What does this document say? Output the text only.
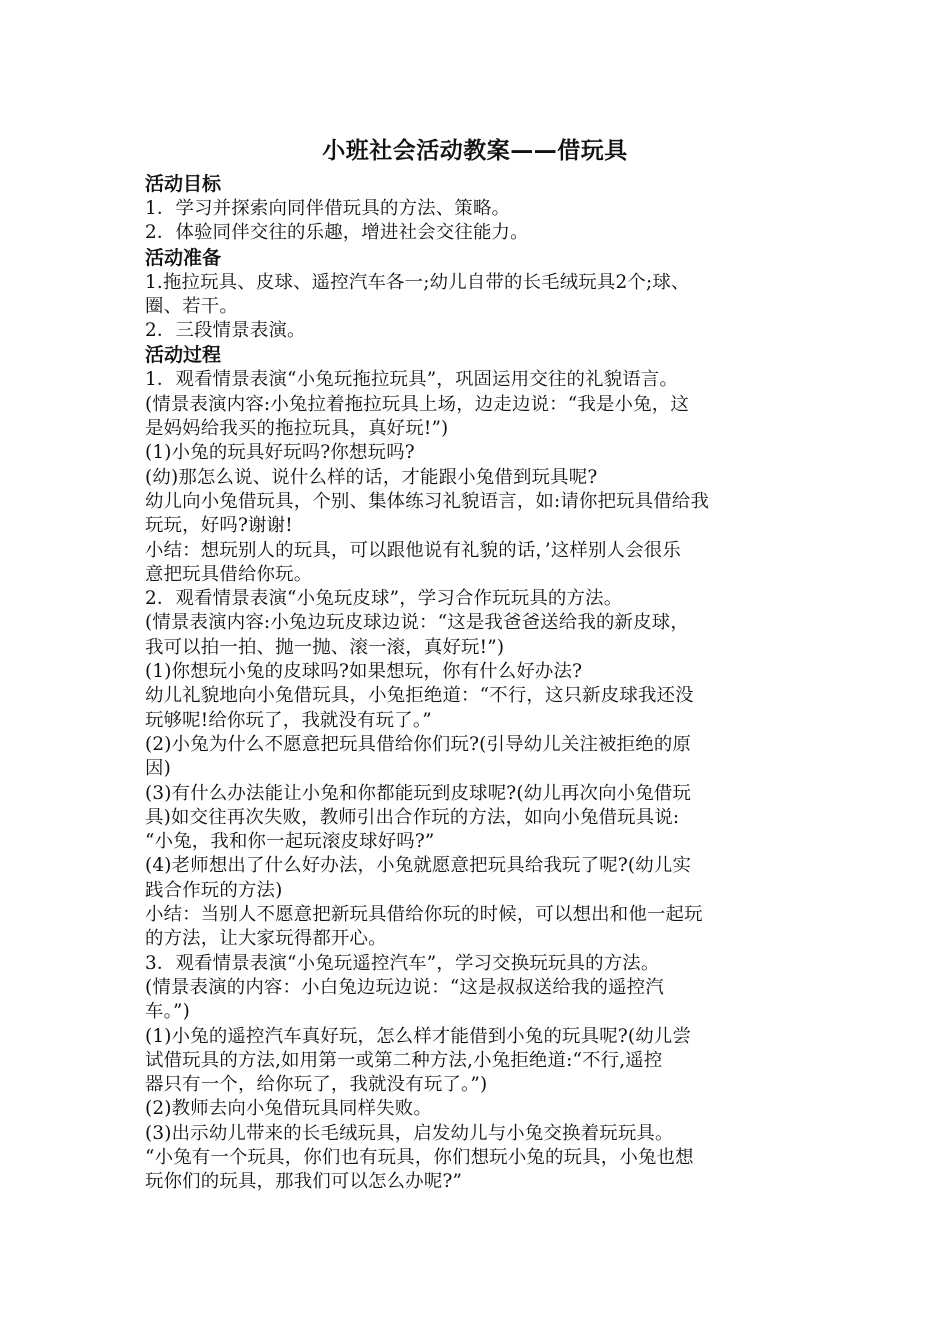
小班社会活动教案——借玩具
活动目标
1．学习并探索向同伴借玩具的方法、策略。
2．体验同伴交往的乐趣，增进社会交往能力。
活动准备
1.拖拉玩具、皮球、遥控汽车各一;幼儿自带的长毛绒玩具2个;球、
圈、若干。
2．三段情景表演。
活动过程
1．观看情景表演“小兔玩拖拉玩具”，巩固运用交往的礼貌语言。
(情景表演内容:小兔拉着拖拉玩具上场，边走边说：“我是小兔，这
是妈妈给我买的拖拉玩具，真好玩!”)
(1)小兔的玩具好玩吗?你想玩吗?
(幼)那怎么说、说什么样的话，才能跟小兔借到玩具呢?
幼儿向小兔借玩具，个别、集体练习礼貌语言，如:请你把玩具借给我
玩玩，好吗?谢谢!
小结：想玩别人的玩具，可以跟他说有礼貌的话，’这样别人会很乐
意把玩具借给你玩。
2．观看情景表演“小兔玩皮球”，学习合作玩玩具的方法。
(情景表演内容:小兔边玩皮球边说：“这是我爸爸送给我的新皮球，
我可以拍一拍、抛一抛、滚一滚，真好玩!”)
(1)你想玩小兔的皮球吗?如果想玩，你有什么好办法?
幼儿礼貌地向小兔借玩具，小兔拒绝道：“不行，这只新皮球我还没
玩够呢!给你玩了，我就没有玩了。”
(2)小兔为什么不愿意把玩具借给你们玩?(引导幼儿关注被拒绝的原
因)
(3)有什么办法能让小兔和你都能玩到皮球呢?(幼儿再次向小兔借玩
具)如交往再次失败，教师引出合作玩的方法，如向小兔借玩具说:
“小兔，我和你一起玩滚皮球好吗?”
(4)老师想出了什么好办法，小兔就愿意把玩具给我玩了呢?(幼儿实
践合作玩的方法)
小结：当别人不愿意把新玩具借给你玩的时候，可以想出和他一起玩
的方法，让大家玩得都开心。
3．观看情景表演“小兔玩遥控汽车”，学习交换玩玩具的方法。
(情景表演的内容：小白兔边玩边说：“这是叔叔送给我的遥控汽
车。”)
(1)小兔的遥控汽车真好玩，怎么样才能借到小兔的玩具呢?(幼儿尝
试借玩具的方法,如用第一或第二种方法,小兔拒绝道:“不行,遥控
器只有一个，给你玩了，我就没有玩了。”)
(2)教师去向小兔借玩具同样失败。
(3)出示幼儿带来的长毛绒玩具，启发幼儿与小兔交换着玩玩具。
“小兔有一个玩具，你们也有玩具，你们想玩小兔的玩具，小兔也想
玩你们的玩具，那我们可以怎么办呢?”
